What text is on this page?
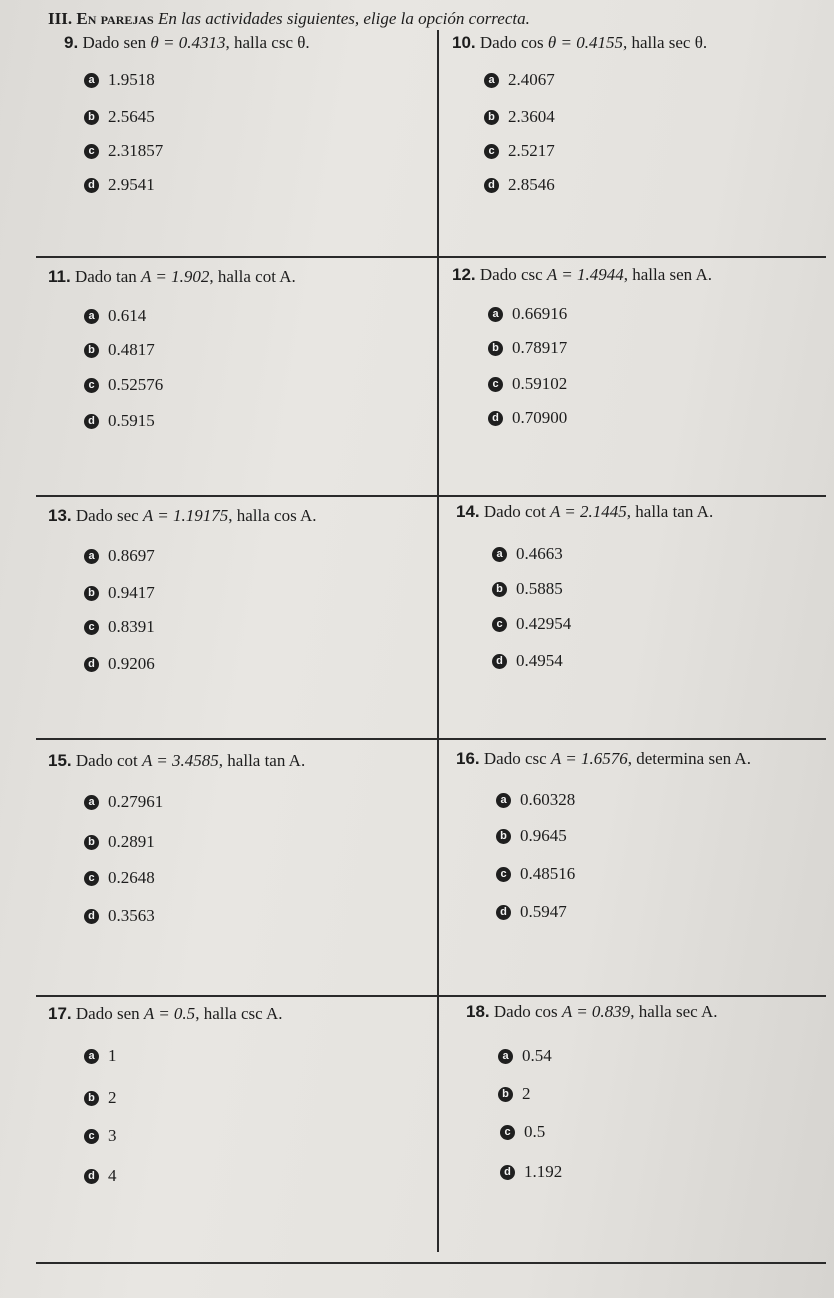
III. En parejas En las actividades siguientes, elige la opción correcta.
9. Dado sen θ = 0.4313, halla csc θ.
a 1.9518
b 2.5645
c 2.31857
d 2.9541
10. Dado cos θ = 0.4155, halla sec θ.
a 2.4067
b 2.3604
c 2.5217
d 2.8546
11. Dado tan A = 1.902, halla cot A.
a 0.614
b 0.4817
c 0.52576
d 0.5915
12. Dado csc A = 1.4944, halla sen A.
a 0.66916
b 0.78917
c 0.59102
d 0.70900
13. Dado sec A = 1.19175, halla cos A.
a 0.8697
b 0.9417
c 0.8391
d 0.9206
14. Dado cot A = 2.1445, halla tan A.
a 0.4663
b 0.5885
c 0.42954
d 0.4954
15. Dado cot A = 3.4585, halla tan A.
a 0.27961
b 0.2891
c 0.2648
d 0.3563
16. Dado csc A = 1.6576, determina sen A.
a 0.60328
b 0.9645
c 0.48516
d 0.5947
17. Dado sen A = 0.5, halla csc A.
a 1
b 2
c 3
d 4
18. Dado cos A = 0.839, halla sec A.
a 0.54
b 2
c 0.5
d 1.192
